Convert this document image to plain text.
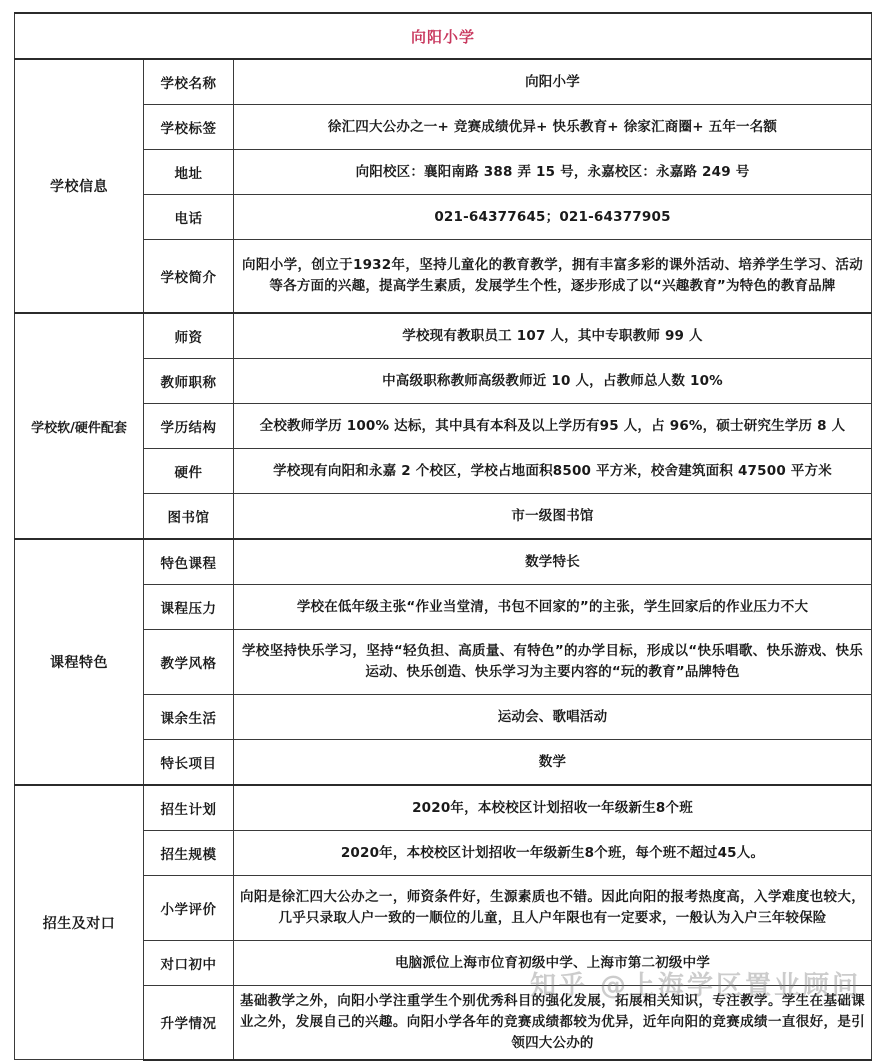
向阳小学		
学校信息	学校名称	向阳小学
	学校标签	徐汇四大公办之一+ 竞赛成绩优异+ 快乐教育+ 徐家汇商圈+ 五年一名额
	地址	向阳校区：襄阳南路 388 弄 15 号，永嘉校区：永嘉路 249 号
	电话	021-64377645；021-64377905
	学校简介	向阳小学，创立于1932年，坚持儿童化的教育教学，拥有丰富多彩的课外活动、培养学生学习、活动等各方面的兴趣，提高学生素质，发展学生个性，逐步形成了以“兴趣教育”为特色的教育品牌
学校软/硬件配套	师资	学校现有教职员工 107 人，其中专职教师 99 人
	教师职称	中高级职称教师高级教师近 10 人，占教师总人数 10%
	学历结构	全校教师学历 100% 达标，其中具有本科及以上学历有95 人，占 96%，硕士研究生学历 8 人
	硬件	学校现有向阳和永嘉 2 个校区，学校占地面积8500 平方米，校舍建筑面积 47500 平方米
	图书馆	市一级图书馆
课程特色	特色课程	数学特长
	课程压力	学校在低年级主张“作业当堂清，书包不回家的”的主张，学生回家后的作业压力不大
	教学风格	学校坚持快乐学习，坚持“轻负担、高质量、有特色”的办学目标，形成以“快乐唱歌、快乐游戏、快乐运动、快乐创造、快乐学习为主要内容的“玩的教育”品牌特色
	课余生活	运动会、歌唱活动
	特长项目	数学
招生及对口	招生计划	2020年，本校校区计划招收一年级新生8个班
	招生规模	2020年，本校校区计划招收一年级新生8个班，每个班不超过45人。
	小学评价	向阳是徐汇四大公办之一，师资条件好，生源素质也不错。因此向阳的报考热度高，入学难度也较大，几乎只录取人户一致的一顺位的儿童，且人户年限也有一定要求，一般认为入户三年较保险
	对口初中	电脑派位上海市位育初级中学、上海市第二初级中学
	升学情况	基础教学之外，向阳小学注重学生个别优秀科目的强化发展，拓展相关知识，专注教学。学生在基础课业之外，发展自己的兴趣。向阳小学各年的竞赛成绩都较为优异，近年向阳的竞赛成绩一直很好，是引领四大公办的
知乎 @上海学区置业顾问
